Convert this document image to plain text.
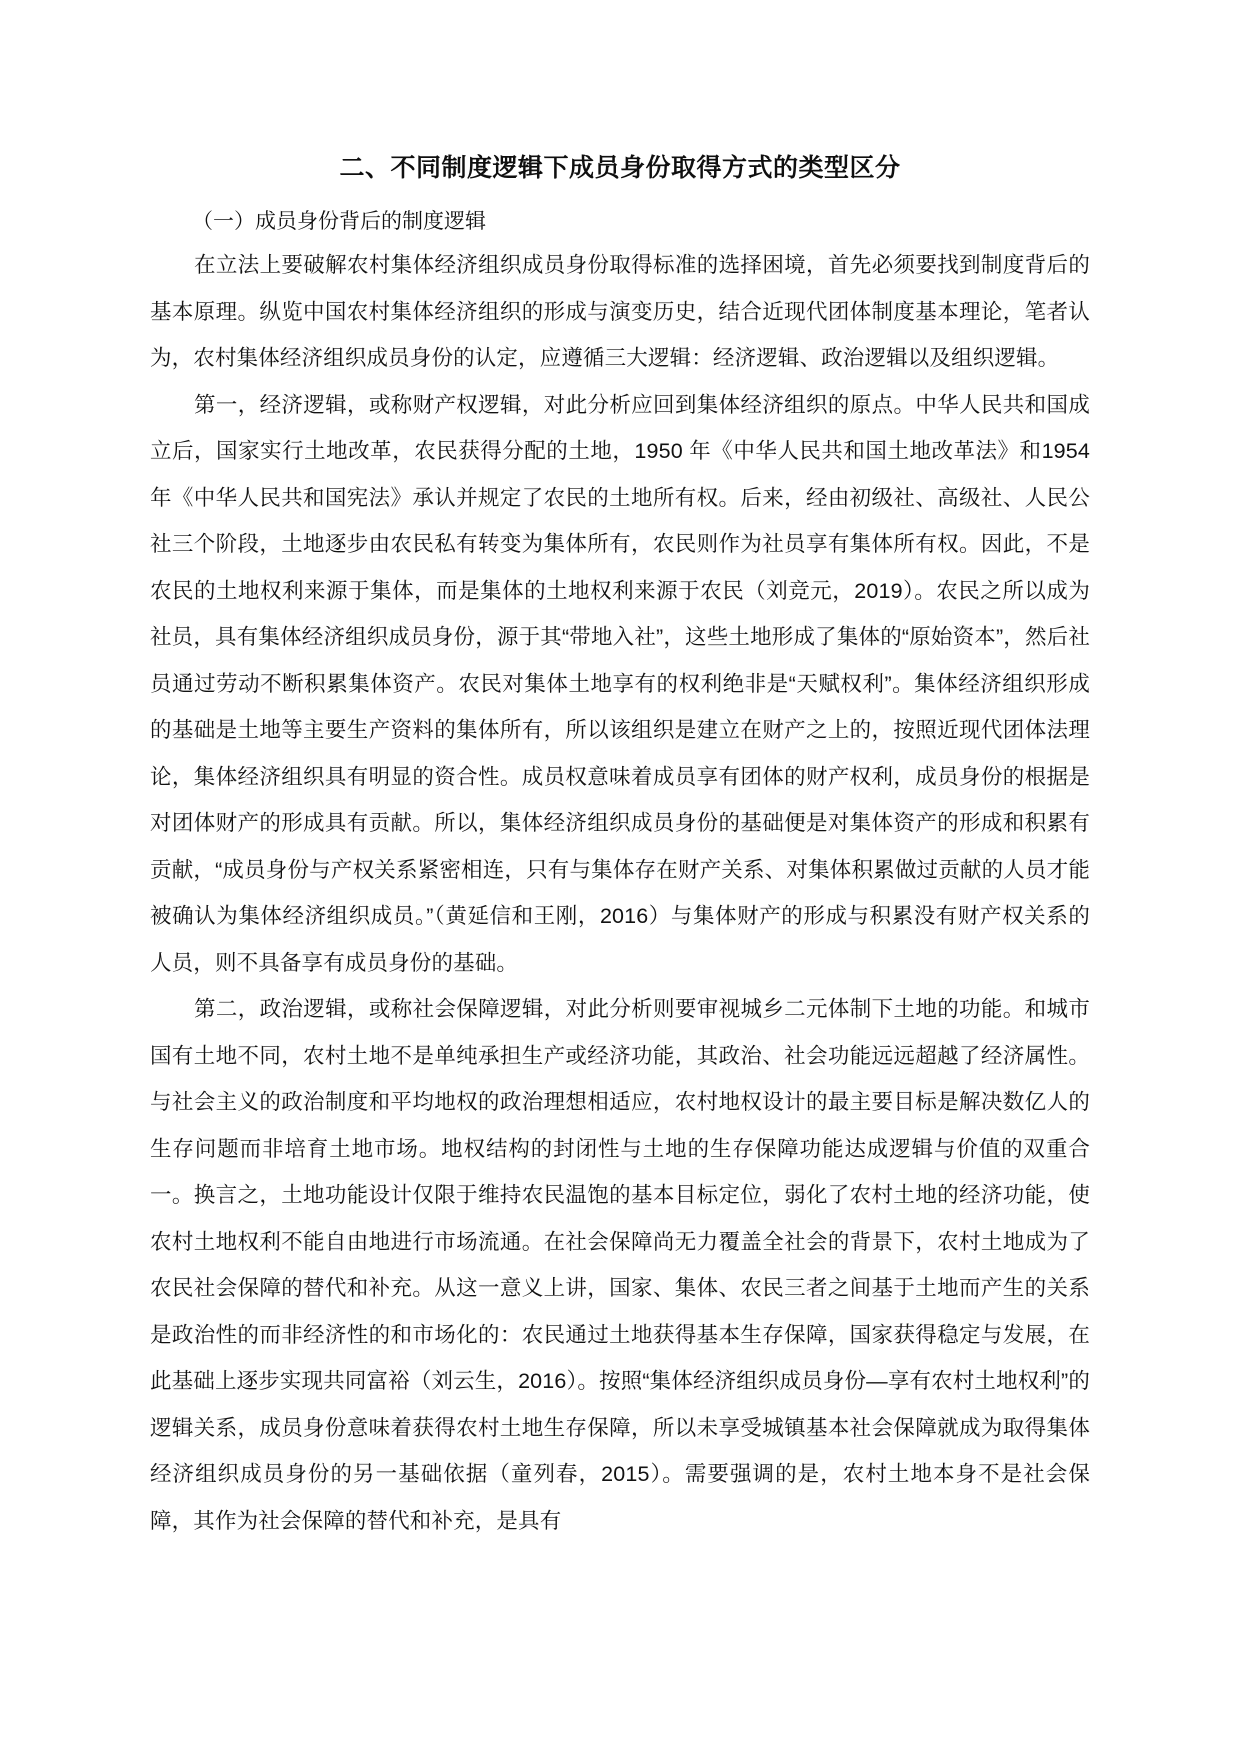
二、不同制度逻辑下成员身份取得方式的类型区分

（一）成员身份背后的制度逻辑

在立法上要破解农村集体经济组织成员身份取得标准的选择困境，首先必须要找到制度背后的基本原理。纵览中国农村集体经济组织的形成与演变历史，结合近现代团体制度基本理论，笔者认为，农村集体经济组织成员身份的认定，应遵循三大逻辑：经济逻辑、政治逻辑以及组织逻辑。

第一，经济逻辑，或称财产权逻辑，对此分析应回到集体经济组织的原点。中华人民共和国成立后，国家实行土地改革，农民获得分配的土地，1950 年《中华人民共和国土地改革法》和1954 年《中华人民共和国宪法》承认并规定了农民的土地所有权。后来，经由初级社、高级社、人民公社三个阶段，土地逐步由农民私有转变为集体所有，农民则作为社员享有集体所有权。因此，不是农民的土地权利来源于集体，而是集体的土地权利来源于农民（刘竞元，2019）。农民之所以成为社员，具有集体经济组织成员身份，源于其“带地入社”，这些土地形成了集体的“原始资本”，然后社员通过劳动不断积累集体资产。农民对集体土地享有的权利绝非是“天赋权利”。集体经济组织形成的基础是土地等主要生产资料的集体所有，所以该组织是建立在财产之上的，按照近现代团体法理论，集体经济组织具有明显的资合性。成员权意味着成员享有团体的财产权利，成员身份的根据是对团体财产的形成具有贡献。所以，集体经济组织成员身份的基础便是对集体资产的形成和积累有贡献，“成员身份与产权关系紧密相连，只有与集体存在财产关系、对集体积累做过贡献的人员才能被确认为集体经济组织成员。”（黄延信和王刚，2016）与集体财产的形成与积累没有财产权关系的人员，则不具备享有成员身份的基础。

第二，政治逻辑，或称社会保障逻辑，对此分析则要审视城乡二元体制下土地的功能。和城市国有土地不同，农村土地不是单纯承担生产或经济功能，其政治、社会功能远远超越了经济属性。与社会主义的政治制度和平均地权的政治理想相适应，农村地权设计的最主要目标是解决数亿人的生存问题而非培育土地市场。地权结构的封闭性与土地的生存保障功能达成逻辑与价值的双重合一。换言之，土地功能设计仅限于维持农民温饱的基本目标定位，弱化了农村土地的经济功能，使农村土地权利不能自由地进行市场流通。在社会保障尚无力覆盖全社会的背景下，农村土地成为了农民社会保障的替代和补充。从这一意义上讲，国家、集体、农民三者之间基于土地而产生的关系是政治性的而非经济性的和市场化的：农民通过土地获得基本生存保障，国家获得稳定与发展，在此基础上逐步实现共同富裕（刘云生，2016）。按照“集体经济组织成员身份—享有农村土地权利”的逻辑关系，成员身份意味着获得农村土地生存保障，所以未享受城镇基本社会保障就成为取得集体经济组织成员身份的另一基础依据（童列春，2015）。需要强调的是，农村土地本身不是社会保障，其作为社会保障的替代和补充，是具有
